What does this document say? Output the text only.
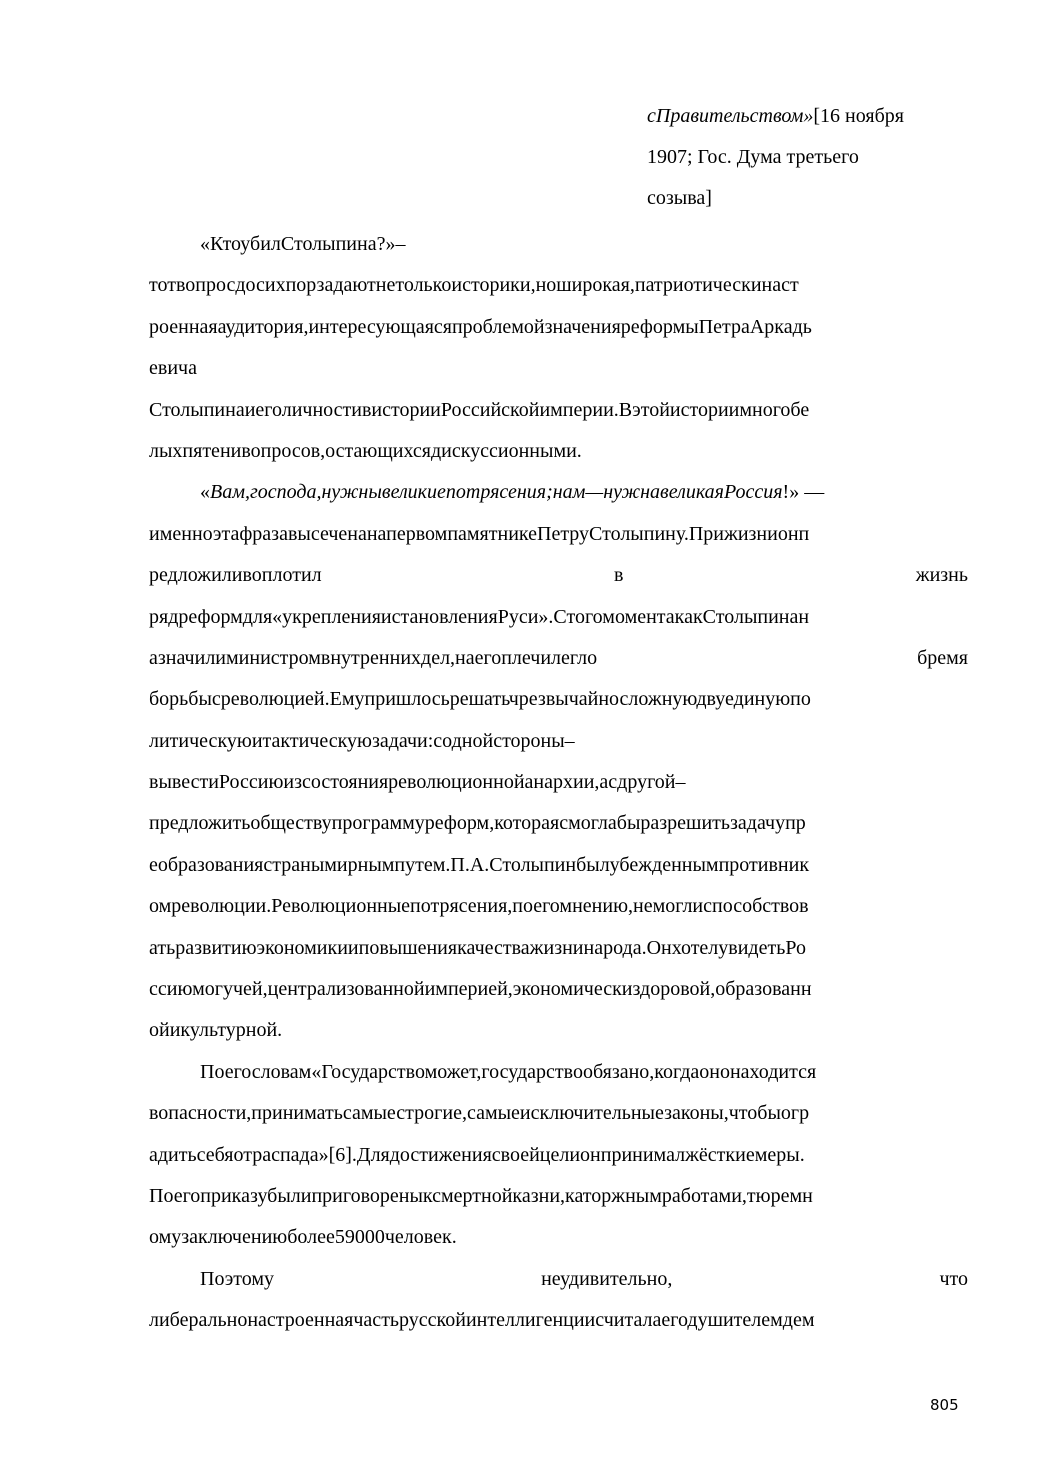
сПравительством»[16 ноября
1907; Гос. Дума третьего
созыва]
«КтоубилСтолыпина?»–
тотвопросдосихпорзадаютнетолькоисторики,ноширокая,патриотическинаст
роеннаяаудитория,интересующаясяпроблемойзначенияреформыПетраАркадь
евича
СтолыпинаиеголичностивисторииРоссийскойимперии.Вэтойисториимногобе
лыхпятенивопросов,остающихсядискуссионными.
«Вам,господа,нужнывеликиепотрясения;нам—нужнавеликаяРоссия!» —
именноэтафразавысеченанапервомпамятникеПетруСтолыпину.Прижизнионп
редложиливоплотил	в	жизнь
рядреформдля«укрепленияистановленияРуси».СтогомоментакакСтолыпинан
азначилиминистромвнутреннихдел,наегоплечилегло	бремя
борьбысреволюцией.Емупришлосьрешатьчрезвычайносложнуюдвуединуюпо
литическуюитактическуюзадачи:соднойстороны–
вывестиРоссиюизсостоянияреволюционнойанархии,асдругой–
предложитьобществупрограммуреформ,котораясмоглабыразрешитьзадачупр
еобразованиястранымирнымпутем.П.А.Столыпинбылубежденнымпротивник
омреволюции.Революционныепотрясения,поегомнению,немоглиспособствов
атьразвитиюэкономикииповышениякачестважизнинарода.ОнхотелувидетьРо
ссиюмогучей,централизованнойимперией,экономическиздоровой,образованн
ойикультурной.
Поегословам«Государствоможет,государствообязано,когдаононаходится
вопасности,приниматьсамыестрогие,самыеисключительныезаконы,чтобыогр
адитьсебяотраспада»[6].Длядостижениясвоейцелионпринималжёсткиемеры.
Поегоприказубылиприговореныксмертнойказни,каторжнымработами,тюремн
омузаключениюболее59000человек.
Поэтому	неудивительно,	что
либеральнонастроеннаячастьрусскойинтеллигенциисчиталаегодушителемдем
805
